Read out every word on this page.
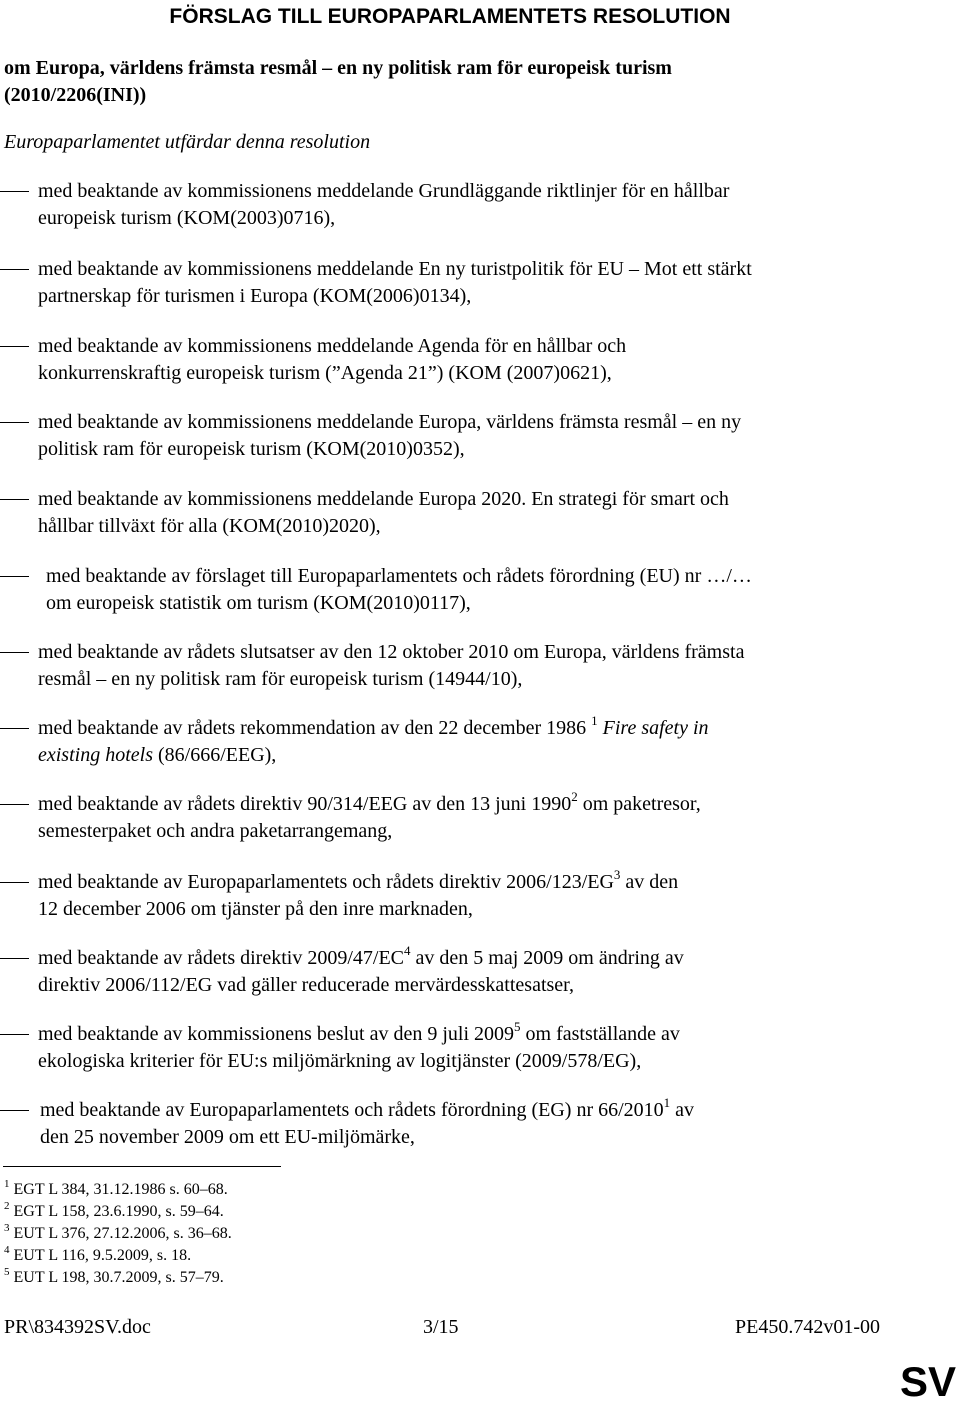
FÖRSLAG TILL EUROPAPARLAMENTETS RESOLUTION
om Europa, världens främsta resmål – en ny politisk ram för europeisk turism
(2010/2206(INI))
Europaparlamentet utfärdar denna resolution
med beaktande av kommissionens meddelande Grundläggande riktlinjer för en hållbar
europeisk turism (KOM(2003)0716),
med beaktande av kommissionens meddelande En ny turistpolitik för EU – Mot ett stärkt
partnerskap för turismen i Europa (KOM(2006)0134),
med beaktande av kommissionens meddelande Agenda för en hållbar och
konkurrenskraftig europeisk turism (”Agenda 21”) (KOM (2007)0621),
med beaktande av kommissionens meddelande Europa, världens främsta resmål – en ny
politisk ram för europeisk turism (KOM(2010)0352),
med beaktande av kommissionens meddelande Europa 2020. En strategi för smart och
hållbar tillväxt för alla (KOM(2010)2020),
med beaktande av förslaget till Europaparlamentets och rådets förordning (EU) nr …/…
om europeisk statistik om turism (KOM(2010)0117),
med beaktande av rådets slutsatser av den 12 oktober 2010 om Europa, världens främsta
resmål – en ny politisk ram för europeisk turism (14944/10),
med beaktande av rådets rekommendation av den 22 december 1986 $^1$ Fire safety in
existing hotels (86/666/EEG),
med beaktande av rådets direktiv 90/314/EEG av den 13 juni 1990$^2$ om paketresor,
semesterpaket och andra paketarrangemang,
med beaktande av Europaparlamentets och rådets direktiv $2006/123/EG^3$ av den
12 december 2006 om tjänster på den inre marknaden,
med beaktande av rådets direktiv $2009/47/EC^4$ av den 5 maj 2009 om ändring av
direktiv 2006/112/EG vad gäller reducerade mervärdesskattesatser,
med beaktande av kommissionens beslut av den 9 juli 2009$^5$ om fastställande av
ekologiska kriterier för EU:s miljömärkning av logitjänster (2009/578/EG),
med beaktande av Europaparlamentets och rådets förordning (EG) nr 66/2010$^1$ av
den 25 november 2009 om ett EU-miljömärke,
$^1$ EGT L 384, 31.12.1986 s. 60–68.
$^2$ EGT L 158, 23.6.1990, s. 59–64.
$^3$ EUT L 376, 27.12.2006, s. 36–68.
$^4$ EUT L 116, 9.5.2009, s. 18.
$^5$ EUT L 198, 30.7.2009, s. 57–79.
PR\834392SV.doc	3/15	PE450.742v01-00
SV
